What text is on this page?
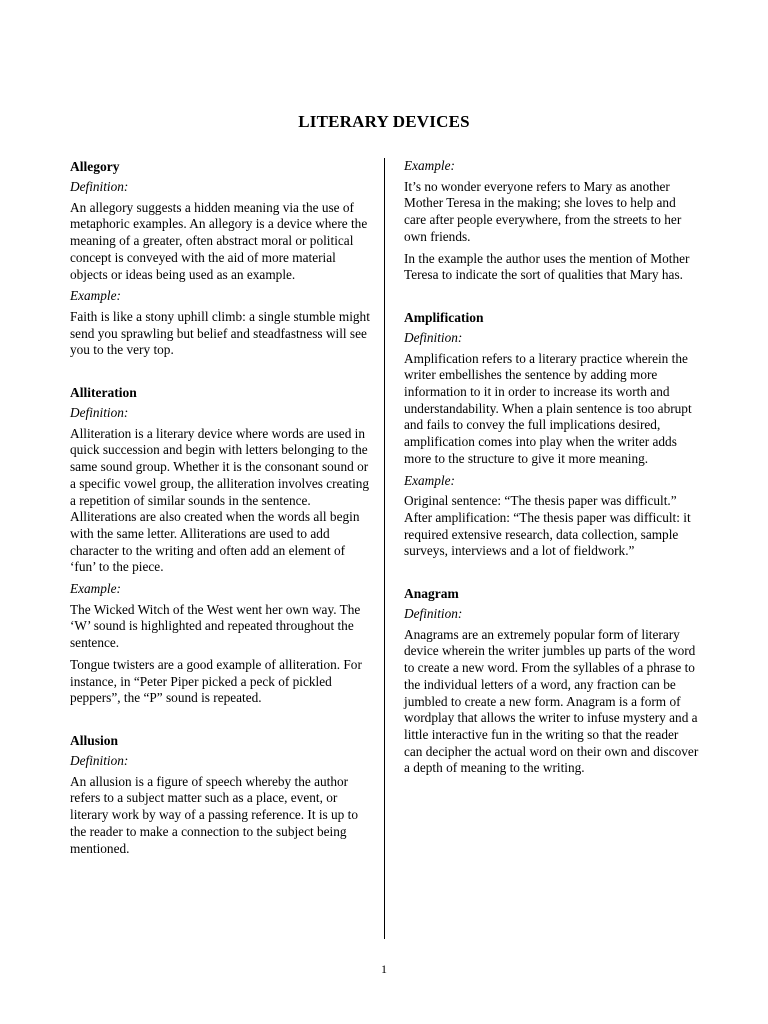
LITERARY DEVICES
Allegory
Definition:
An allegory suggests a hidden meaning via the use of metaphoric examples. An allegory is a device where the meaning of a greater, often abstract moral or political concept is conveyed with the aid of more material objects or ideas being used as an example.
Example:
Faith is like a stony uphill climb: a single stumble might send you sprawling but belief and steadfastness will see you to the very top.
Alliteration
Definition:
Alliteration is a literary device where words are used in quick succession and begin with letters belonging to the same sound group. Whether it is the consonant sound or a specific vowel group, the alliteration involves creating a repetition of similar sounds in the sentence. Alliterations are also created when the words all begin with the same letter. Alliterations are used to add character to the writing and often add an element of ‘fun’ to the piece.
Example:
The Wicked Witch of the West went her own way. The ‘W’ sound is highlighted and repeated throughout the sentence.
Tongue twisters are a good example of alliteration. For instance, in “Peter Piper picked a peck of pickled peppers”, the “P” sound is repeated.
Allusion
Definition:
An allusion is a figure of speech whereby the author refers to a subject matter such as a place, event, or literary work by way of a passing reference. It is up to the reader to make a connection to the subject being mentioned.
Example:
It’s no wonder everyone refers to Mary as another Mother Teresa in the making; she loves to help and care after people everywhere, from the streets to her own friends.
In the example the author uses the mention of Mother Teresa to indicate the sort of qualities that Mary has.
Amplification
Definition:
Amplification refers to a literary practice wherein the writer embellishes the sentence by adding more information to it in order to increase its worth and understandability. When a plain sentence is too abrupt and fails to convey the full implications desired, amplification comes into play when the writer adds more to the structure to give it more meaning.
Example:
Original sentence: “The thesis paper was difficult.” After amplification: “The thesis paper was difficult: it required extensive research, data collection, sample surveys, interviews and a lot of fieldwork.”
Anagram
Definition:
Anagrams are an extremely popular form of literary device wherein the writer jumbles up parts of the word to create a new word. From the syllables of a phrase to the individual letters of a word, any fraction can be jumbled to create a new form. Anagram is a form of wordplay that allows the writer to infuse mystery and a little interactive fun in the writing so that the reader can decipher the actual word on their own and discover a depth of meaning to the writing.
1
